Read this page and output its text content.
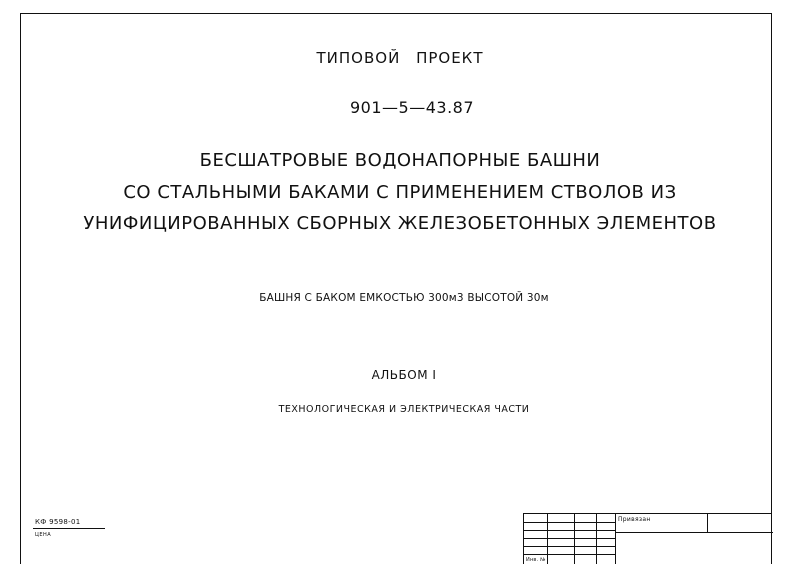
ТИПОВОЙ ПРОЕКТ
901—5—43.87
БЕСШАТРОВЫЕ ВОДОНАПОРНЫЕ БАШНИ
СО СТАЛЬНЫМИ БАКАМИ С ПРИМЕНЕНИЕМ СТВОЛОВ ИЗ
УНИФИЦИРОВАННЫХ СБОРНЫХ ЖЕЛЕЗОБЕТОННЫХ ЭЛЕМЕНТОВ
БАШНЯ С БАКОМ ЕМКОСТЬЮ 300м3 ВЫСОТОЙ 30м
АЛЬБОМ I
ТЕХНОЛОГИЧЕСКАЯ И ЭЛЕКТРИЧЕСКАЯ ЧАСТИ
КФ 9598-01
ЦЕНА
Привязан
Инв. №
